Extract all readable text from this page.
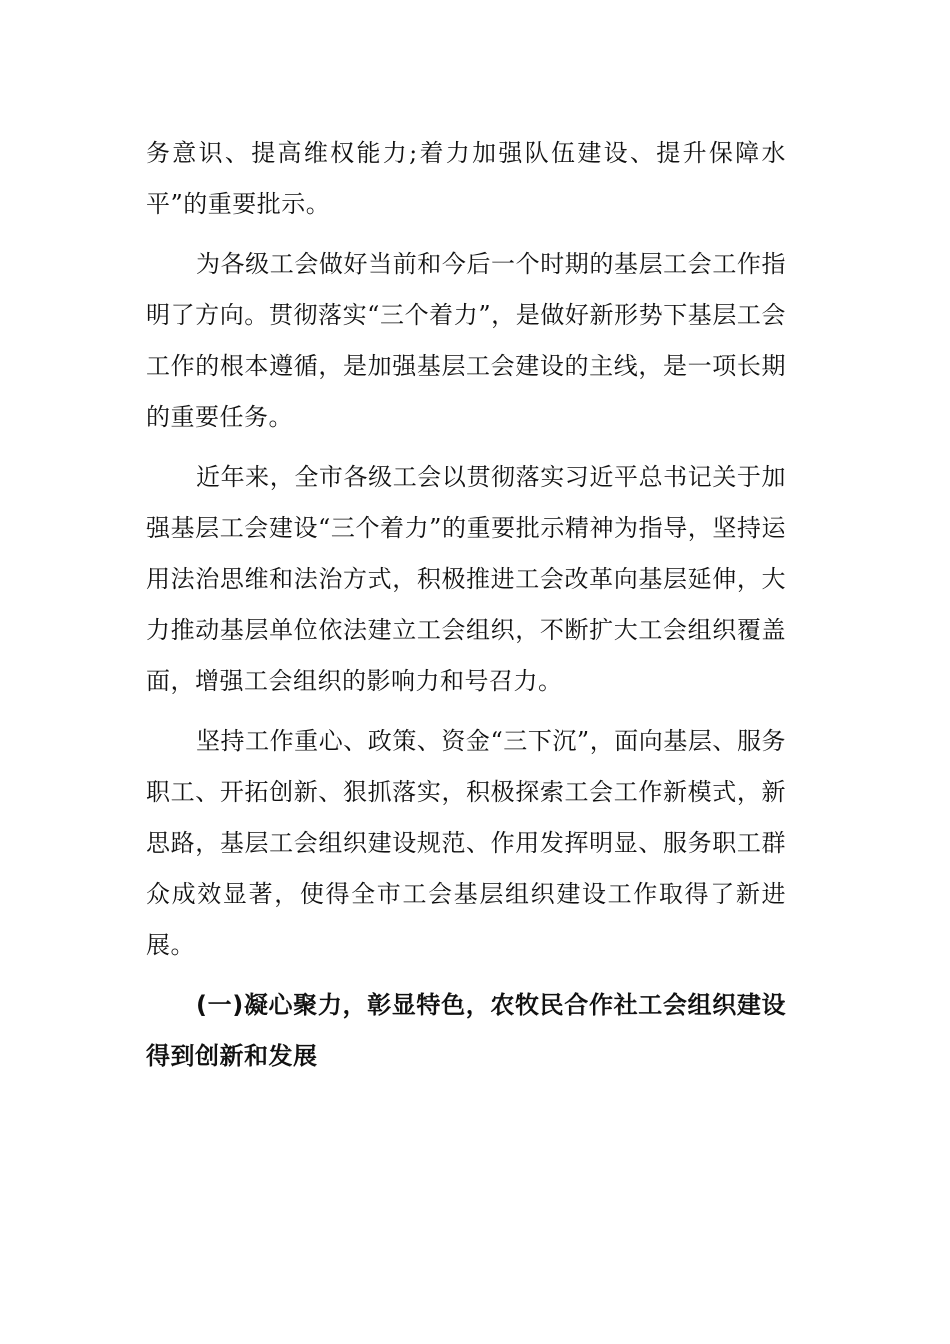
务意识、提高维权能力;着力加强队伍建设、提升保障水平”的重要批示。

为各级工会做好当前和今后一个时期的基层工会工作指明了方向。贯彻落实“三个着力”，是做好新形势下基层工会工作的根本遵循，是加强基层工会建设的主线，是一项长期的重要任务。

近年来，全市各级工会以贯彻落实习近平总书记关于加强基层工会建设“三个着力”的重要批示精神为指导，坚持运用法治思维和法治方式，积极推进工会改革向基层延伸，大力推动基层单位依法建立工会组织，不断扩大工会组织覆盖面，增强工会组织的影响力和号召力。

坚持工作重心、政策、资金“三下沉”，面向基层、服务职工、开拓创新、狠抓落实，积极探索工会工作新模式，新思路，基层工会组织建设规范、作用发挥明显、服务职工群众成效显著，使得全市工会基层组织建设工作取得了新进展。

(一)凝心聚力，彰显特色，农牧民合作社工会组织建设得到创新和发展
